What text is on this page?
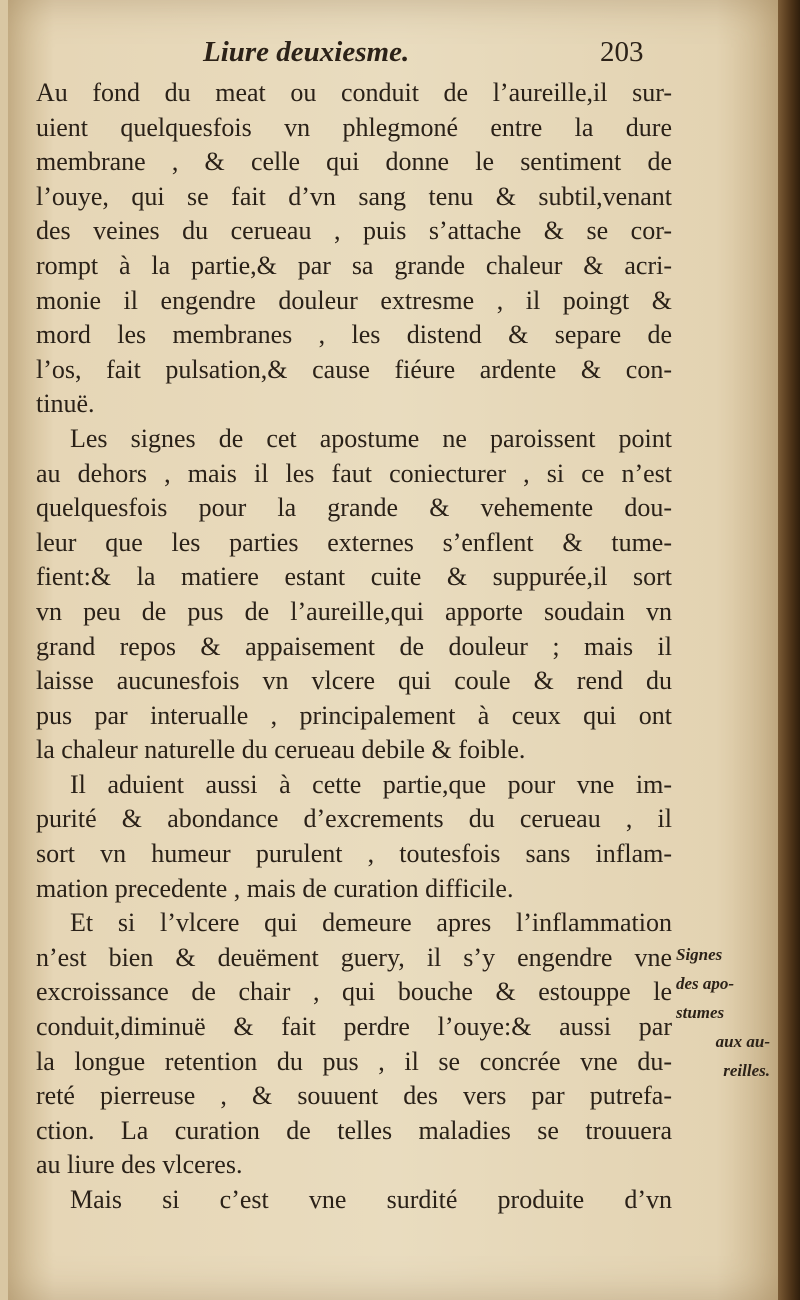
Liure deuxiesme.	203
Au fond du meat ou conduit de l’aureille,il sur-
uient quelquesfois vn phlegmoné entre la dure
membrane , & celle qui donne le sentiment de
l’ouye, qui se fait d’vn sang tenu & subtil,venant
des veines du cerueau , puis s’attache & se cor-
rompt à la partie,& par sa grande chaleur & acri-
monie il engendre douleur extresme , il poingt &
mord les membranes , les distend & separe de
l’os, fait pulsation,& cause fiéure ardente & con-
tinuë.
Les signes de cet apostume ne paroissent point
au dehors , mais il les faut coniecturer , si ce n’est
quelquesfois pour la grande & vehemente dou-
leur que les parties externes s’enflent & tume-
fient:& la matiere estant cuite & suppurée,il sort
vn peu de pus de l’aureille,qui apporte soudain vn
grand repos & appaisement de douleur ; mais il
laisse aucunesfois vn vlcere qui coule & rend du
pus par interualle , principalement à ceux qui ont
la chaleur naturelle du cerueau debile & foible.
Il aduient aussi à cette partie,que pour vne im-
purité & abondance d’excrements du cerueau , il
sort vn humeur purulent , toutesfois sans inflam-
mation precedente , mais de curation difficile.
Et si l’vlcere qui demeure apres l’inflammation
n’est bien & deuëment guery, il s’y engendre vne
excroissance de chair , qui bouche & estouppe le
conduit,diminuë & fait perdre l’ouye:& aussi par
la longue retention du pus , il se concrée vne du-
reté pierreuse , & souuent des vers par putrefa-
ction. La curation de telles maladies se trouuera
au liure des vlceres.
Mais si c’est vne surdité produite d’vn
Signes
des apo-
stumes
aux au-
reilles.
